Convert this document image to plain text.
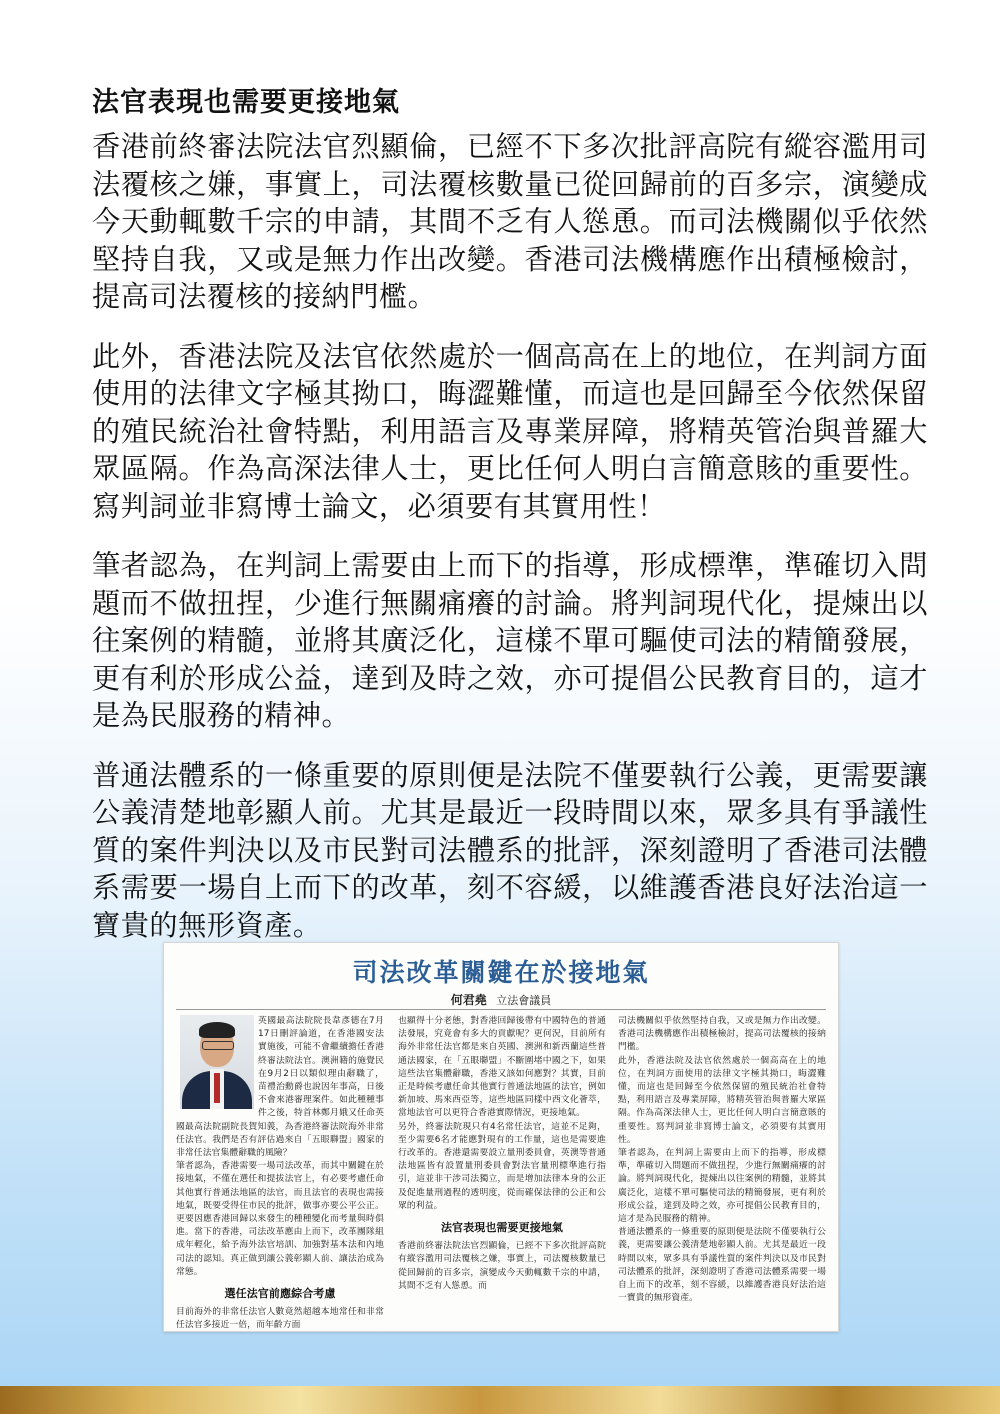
法官表現也需要更接地氣

香港前終審法院法官烈顯倫，已經不下多次批評高院有縱容濫用司法覆核之嫌，事實上，司法覆核數量已從回歸前的百多宗，演變成今天動輒數千宗的申請，其間不乏有人慫恿。而司法機關似乎依然堅持自我，又或是無力作出改變。香港司法機構應作出積極檢討，提高司法覆核的接納門檻。

此外，香港法院及法官依然處於一個高高在上的地位，在判詞方面使用的法律文字極其拗口，晦澀難懂，而這也是回歸至今依然保留的殖民統治社會特點，利用語言及專業屏障，將精英管治與普羅大眾區隔。作為高深法律人士，更比任何人明白言簡意賅的重要性。寫判詞並非寫博士論文，必須要有其實用性！

筆者認為，在判詞上需要由上而下的指導，形成標準，準確切入問題而不做扭捏，少進行無關痛癢的討論。將判詞現代化，提煉出以往案例的精髓，並將其廣泛化，這樣不單可驅使司法的精簡發展，更有利於形成公益，達到及時之效，亦可提倡公民教育目的，這才是為民服務的精神。

普通法體系的一條重要的原則便是法院不僅要執行公義，更需要讓公義清楚地彰顯人前。尤其是最近一段時間以來，眾多具有爭議性質的案件判決以及市民對司法體系的批評，深刻證明了香港司法體系需要一場自上而下的改革，刻不容緩，以維護香港良好法治這一寶貴的無形資產。

司法改革關鍵在於接地氣
何君堯 立法會議員

英國最高法院院長韋彥德在7月17日刪評論道，在香港國安法實施後，可能不會繼續擔任香港終審法院法官。澳洲籍的施覺民在9月2日以類似理由辭職了，苗禮治勳爵也說因年事高，日後不會來港審理案件。如此種種事件之後，特首林鄭月娥又任命英國最高法院副院長賀知義，為香港終審法院海外非常任法官。我們是否有評估過來自「五眼聯盟」國家的非常任法官集體辭職的風險？

筆者認為，香港需要一場司法改革，而其中關鍵在於接地氣，不僅在選任和提拔法官上，有必要考慮任命其他實行普通法地區的法官，而且法官的表現也需接地氣，既要受得住市民的批評，做事亦要公平公正。更要因應香港回歸以來發生的種種變化而考量與時俱進。當下的香港，司法改革應由上而下，改革團隊組成年輕化，給予海外法官培訓、加強對基本法和內地司法的認知。真正做到讓公義彰顯人前、讓法治成為常態。

選任法官前應綜合考慮

目前海外的非常任法官人數竟然超越本地常任和非常任法官多接近一倍，而年齡方面

也顯得十分老態，對香港回歸後帶有中國特色的普通法發展，究竟會有多大的貢獻呢？更何況，目前所有海外非常任法官都是來自英國、澳洲和新西蘭這些普通法國家，在「五眼聯盟」不斷圍堵中國之下，如果這些法官集體辭職，香港又該如何應對？其實，目前正是時候考慮任命其他實行普通法地區的法官，例如新加坡、馬來西亞等，這些地區同樣中西文化薈萃，當地法官可以更符合香港實際情況，更接地氣。

另外，終審法院現只有4名常任法官，這並不足夠，至少需要6名才能應對現有的工作量，這也是需要進行改革的。香港還需要設立量刑委員會，英澳等普通法地區皆有設置量刑委員會對法官量刑標準進行指引，這並非干涉司法獨立，而是增加法律本身的公正及促進量刑過程的透明度，從而確保法律的公正和公眾的利益。

法官表現也需要更接地氣

香港前終審法院法官烈顯倫，已經不下多次批評高院有縱容濫用司法覆核之嫌，事實上，司法覆核數量已從回歸前的百多宗，演變成今天動輒數千宗的申請，其間不乏有人慫恿。而

司法機關似乎依然堅持自我，又或是無力作出改變。香港司法機構應作出積極檢討，提高司法覆核的接納門檻。

此外，香港法院及法官依然處於一個高高在上的地位，在判詞方面使用的法律文字極其拗口，晦澀難懂，而這也是回歸至今依然保留的殖民統治社會特點，利用語言及專業屏障，將精英管治與普羅大眾區隔。作為高深法律人士，更比任何人明白言簡意賅的重要性。寫判詞並非寫博士論文，必須要有其實用性。

筆者認為，在判詞上需要由上而下的指導，形成標準，準確切入問題而不做扭捏，少進行無關痛癢的討論。將判詞現代化，提煉出以往案例的精髓，並將其廣泛化，這樣不單可驅使司法的精簡發展，更有利於形成公益，達到及時之效，亦可提倡公民教育目的，這才是為民服務的精神。

普通法體系的一條重要的原則便是法院不僅要執行公義，更需要讓公義清楚地彰顯人前。尤其是最近一段時間以來，眾多具有爭議性質的案件判決以及市民對司法體系的批評，深刻證明了香港司法體系需要一場自上而下的改革，刻不容緩，以維護香港良好法治這一寶貴的無形資產。
